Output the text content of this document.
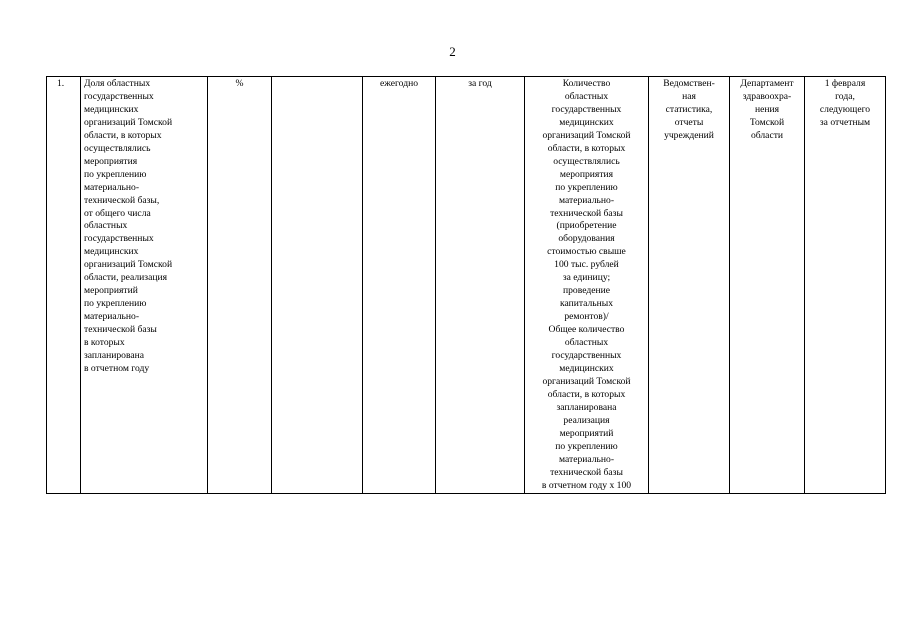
2
1.	Доля областных
государственных
медицинских
организаций Томской
области, в которых
осуществлялись
мероприятия
по укреплению
материально-
технической базы,
от общего числа
областных
государственных
медицинских
организаций Томской
области, реализация
мероприятий
по укреплению
материально-
технической базы
в которых
запланирована
в отчетном году	%		ежегодно	за год	Количество
областных
государственных
медицинских
организаций Томской
области, в которых
осуществлялись
мероприятия
по укреплению
материально-
технической базы
(приобретение
оборудования
стоимостью свыше
100 тыс. рублей
за единицу;
проведение
капитальных
ремонтов)/
Общее количество
областных
государственных
медицинских
организаций Томской
области, в которых
запланирована
реализация
мероприятий
по укреплению
материально-
технической базы
в отчетном году х 100	Ведомствен-
ная
статистика,
отчеты
учреждений	Департамент
здравоохра-
нения
Томской
области	1 февраля
года,
следующего
за отчетным
